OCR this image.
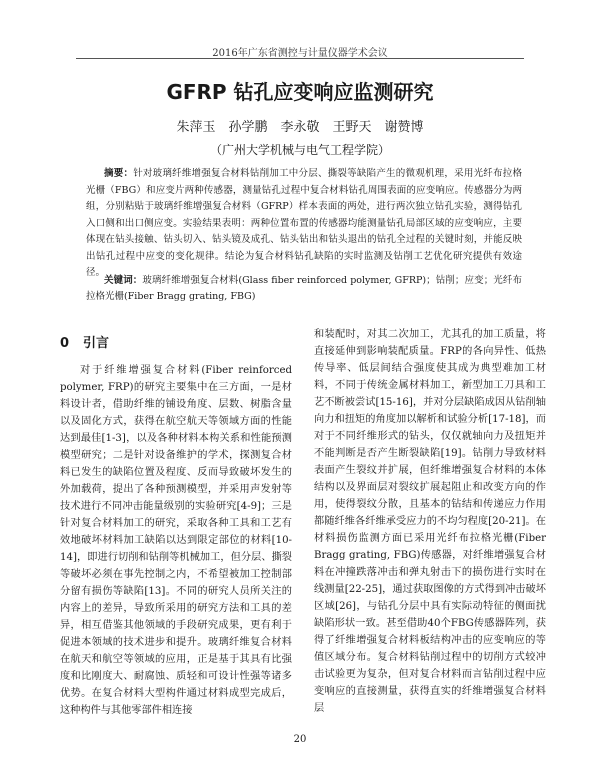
2016年广东省测控与计量仪器学术会议
GFRP 钻孔应变响应监测研究
朱萍玉　孙学鹏　李永敬　王野天　谢赞博
（广州大学机械与电气工程学院）
摘要：针对玻璃纤维增强复合材料钻削加工中分层、撕裂等缺陷产生的微观机理，采用光纤布拉格光栅（FBG）和应变片两种传感器，测量钻孔过程中复合材料钻孔周围表面的应变响应。传感器分为两组，分别粘贴于玻璃纤维增强复合材料（GFRP）样本表面的两处，进行两次独立钻孔实验，测得钻孔入口侧和出口侧应变。实验结果表明：两种位置布置的传感器均能测量钻孔局部区域的应变响应，主要体现在钻头接触、钻头切入、钻头镜及成孔、钻头钻出和钻头退出的钻孔全过程的关键时刻，并能反映出钻孔过程中应变的变化规律。结论为复合材料钻孔缺陷的实时监测及钻削工艺优化研究提供有效途径。
关键词：玻璃纤维增强复合材料(Glass fiber reinforced polymer, GFRP)；钻削；应变；光纤布拉格光栅(Fiber Bragg grating, FBG)
0 引言

对于纤维增强复合材料(Fiber reinforced polymer, FRP)的研究主要集中在三方面，一是材料设计者，借助纤维的铺设角度、层数、树脂含量以及固化方式，获得在航空航天等领域方面的性能达到最佳[1-3]，以及各种材料本构关系和性能预测模型研究；二是针对设备维护的学术，探测复合材料已发生的缺陷位置及程度、反而导致破坏发生的外加载荷，提出了各种预测模型，并采用声发射等技术进行不同冲击能量级别的实验研究[4-9]；三是针对复合材料加工的研究，采取各种工具和工艺有效地破坏材料加工缺陷以达到限定部位的材料[10-14]，即进行切削和钻削等机械加工，但分层、撕裂等破坏必须在事先控制之内，不希望被加工控制部分留有损伤等缺陷[13]。不同的研究人员所关注的内容上的差异，导致所采用的研究方法和工具的差异，相互借鉴其他领域的手段研究成果，更有利于促进本领域的技术进步和提升。玻璃纤维复合材料在航天和航空等领域的应用，正是基于其具有比强度和比刚度大、耐腐蚀、质轻和可设计性强等诸多优势。在复合材料大型构件通过材料成型完成后，这种构件与其他零部件相连接

和装配时，对其二次加工，尤其孔的加工质量，将直接延伸到影响装配质量。FRP的各向异性、低热传导率、低层间结合强度使其成为典型难加工材料，不同于传统金属材料加工，新型加工刀具和工艺不断被尝试[15-16]，并对分层缺陷成因从钻削轴向力和扭矩的角度加以解析和试验分析[17-18]，而对于不同纤维形式的钻头，仅仅就轴向力及扭矩并不能判断是否产生断裂缺陷[19]。钻削力导致材料表面产生裂纹并扩展，但纤维增强复合材料的本体结构以及界面层对裂纹扩展起阻止和改变方向的作用，使得裂纹分散，且基本的钻结和传递应力作用都随纤维各纤维承受应力的不均匀程度[20-21]。在材料损伤监测方面已采用光纤布拉格光栅(Fiber Bragg grating, FBG)传感器，对纤维增强复合材料在冲撞跌落冲击和弹丸射击下的损伤进行实时在线测量[22-25]，通过获取图像的方式得到冲击破坏区域[26]，与钻孔分层中具有实际动特征的侧面扰缺陷形状一致。甚至借助40个FBG传感器阵列，获得了纤维增强复合材料板结构冲击的应变响应的等值区域分布。复合材料钻削过程中的切削方式较冲击试验更为复杂，但对复合材料而言钻削过程中应变响应的直接测量，获得直实的纤维增强复合材料层

20
